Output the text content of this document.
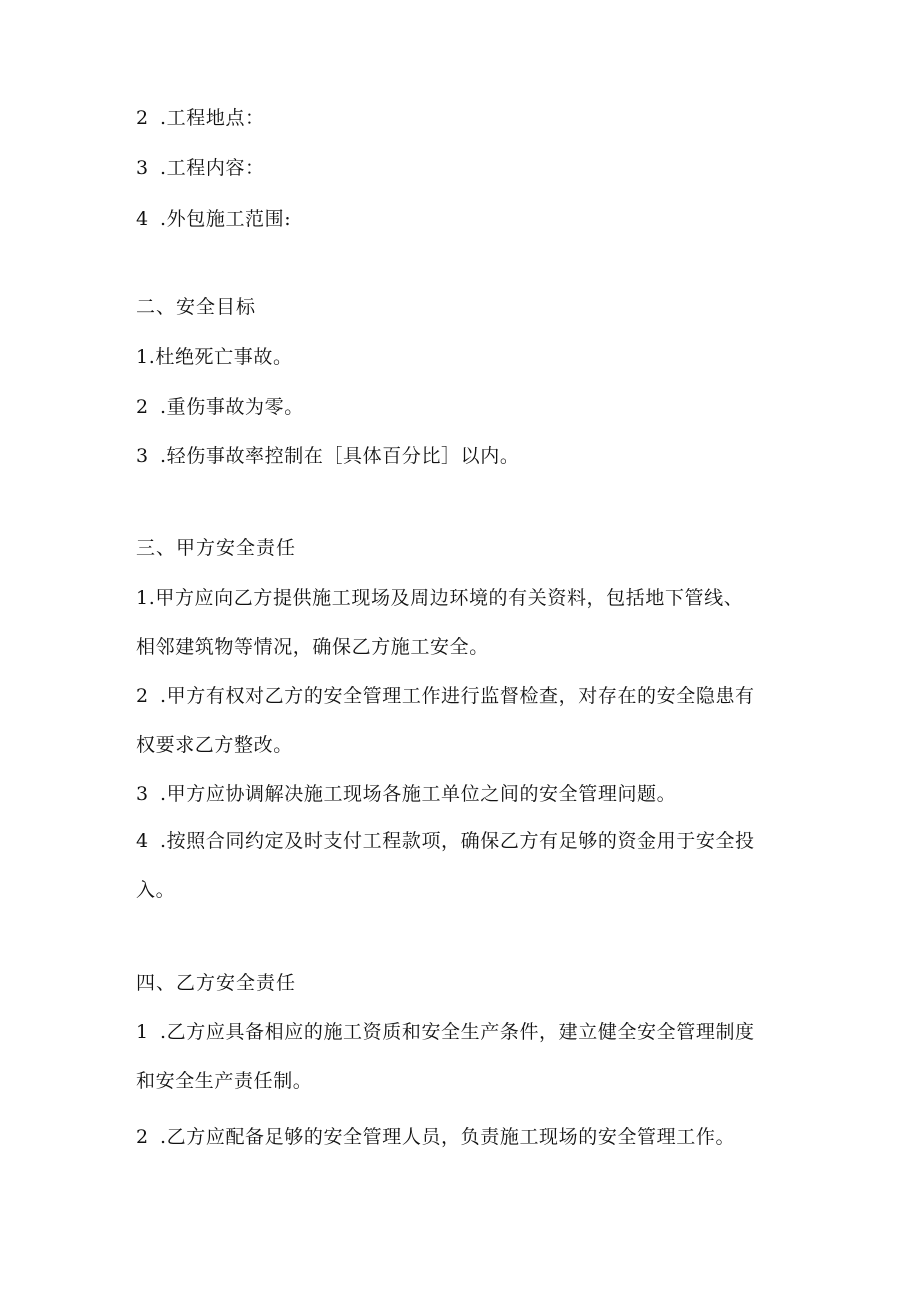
2 .工程地点：
3 .工程内容：
4 .外包施工范围:
二、安全目标
1.杜绝死亡事故。
2 .重伤事故为零。
3 .轻伤事故率控制在［具体百分比］以内。
三、甲方安全责任
1.甲方应向乙方提供施工现场及周边环境的有关资料，包括地下管线、
相邻建筑物等情况，确保乙方施工安全。
2 .甲方有权对乙方的安全管理工作进行监督检查，对存在的安全隐患有
权要求乙方整改。
3 .甲方应协调解决施工现场各施工单位之间的安全管理问题。
4 .按照合同约定及时支付工程款项，确保乙方有足够的资金用于安全投
入。
四、乙方安全责任
1 .乙方应具备相应的施工资质和安全生产条件，建立健全安全管理制度
和安全生产责任制。
2 .乙方应配备足够的安全管理人员，负责施工现场的安全管理工作。
